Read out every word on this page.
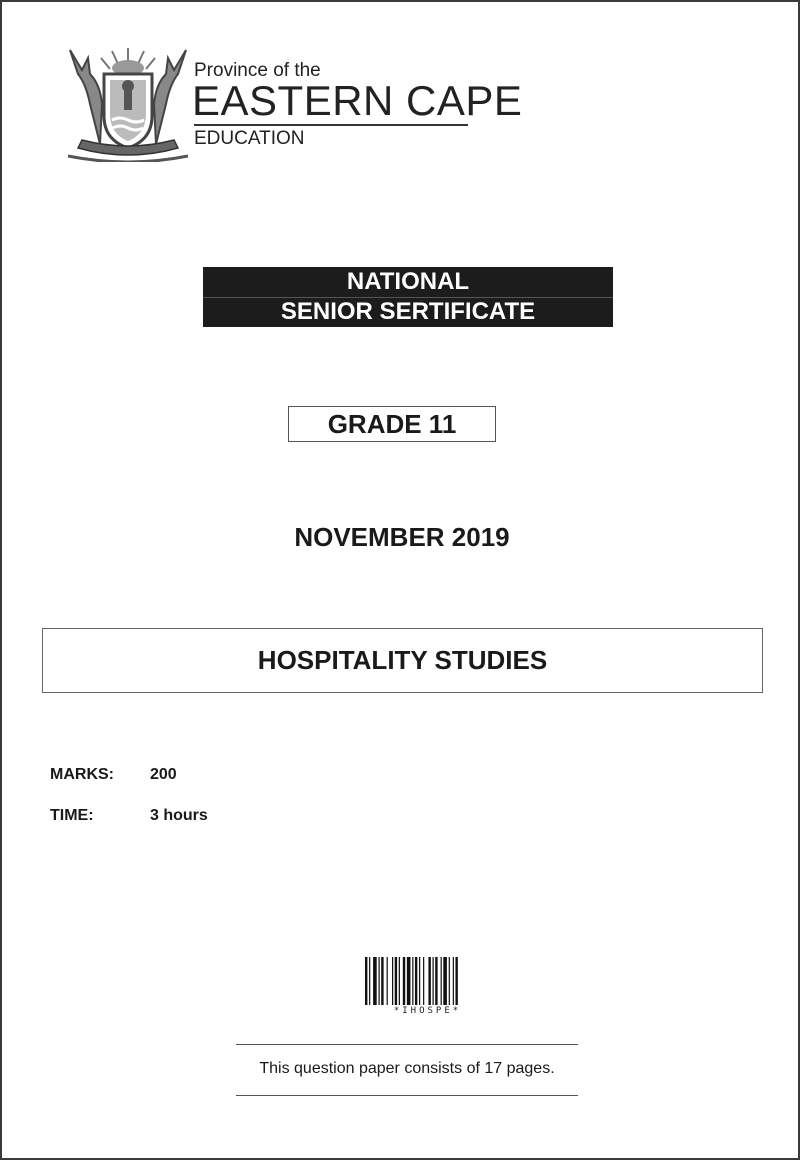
Province of the
EASTERN CAPE
EDUCATION
NATIONAL
SENIOR SERTIFICATE
GRADE 11
NOVEMBER 2019
HOSPITALITY STUDIES
MARKS: 200
TIME:	3 hours
*IHOSPE*
This question paper consists of 17 pages.
